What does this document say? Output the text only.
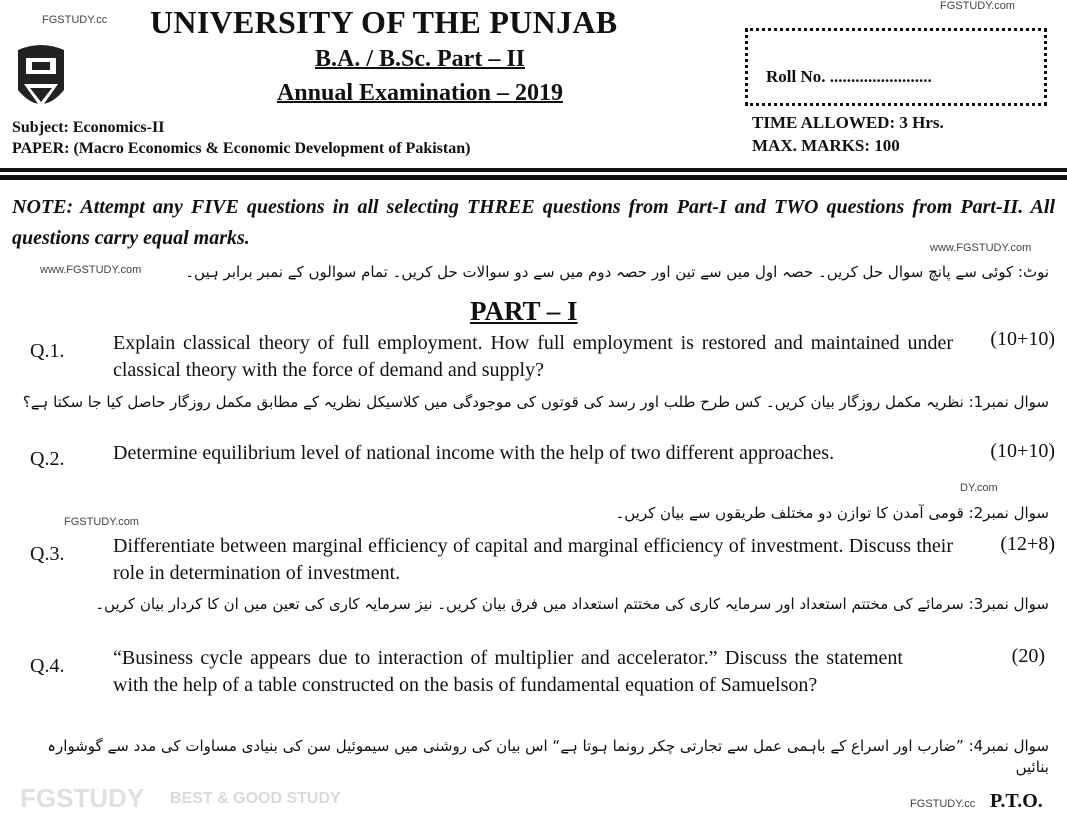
FGSTUDY.cc
FGSTUDY.com
UNIVERSITY OF THE PUNJAB
B.A. / B.Sc. Part – II
Annual Examination – 2019
Roll No. ........................
Subject: Economics-II
PAPER: (Macro Economics & Economic Development of Pakistan)
TIME ALLOWED: 3 Hrs.
MAX. MARKS: 100
NOTE: Attempt any FIVE questions in all selecting THREE questions from Part-I and TWO questions from Part-II. All questions carry equal marks.
www.FGSTUDY.com
www.FGSTUDY.com
نوٹ: کوئی سے پانچ سوال حل کریں۔ حصہ اول میں سے تین اور حصہ دوم میں سے دو سوالات حل کریں۔ تمام سوالوں کے نمبر برابر ہیں۔
PART – I
Q.1. Explain classical theory of full employment. How full employment is restored and maintained under classical theory with the force of demand and supply?
(10+10)
سوال نمبر1: نظریہ مکمل روزگار بیان کریں۔ کس طرح طلب اور رسد کی قوتوں کی موجودگی میں کلاسیکل نظریہ کے مطابق مکمل روزگار حاصل کیا جا سکتا ہے؟
Q.2. Determine equilibrium level of national income with the help of two different approaches.	(10+10)
DY.com
سوال نمبر2: قومی آمدن کا توازن دو مختلف طریقوں سے بیان کریں۔
FGSTUDY.com
Q.3. Differentiate between marginal efficiency of capital and marginal efficiency of investment. Discuss their role in determination of investment.
(12+8)
سوال نمبر3: سرمائے کی مختتم استعداد اور سرمایہ کاری کی مختتم استعداد میں فرق بیان کریں۔ نیز سرمایہ کاری کی تعین میں ان کا کردار بیان کریں۔
Q.4. “Business cycle appears due to interaction of multiplier and accelerator.” Discuss the statement with the help of a table constructed on the basis of fundamental equation of Samuelson?
(20)
سوال نمبر4: ”ضارب اور اسراع کے باہمی عمل سے تجارتی چکر رونما ہوتا ہے“ اس بیان کی روشنی میں سیموئیل سن کی بنیادی مساوات کی مدد سے گوشوارہ بنائیں
FGSTUDY BEST & GOOD STUDY	FGSTUDY.cc P.T.O.
